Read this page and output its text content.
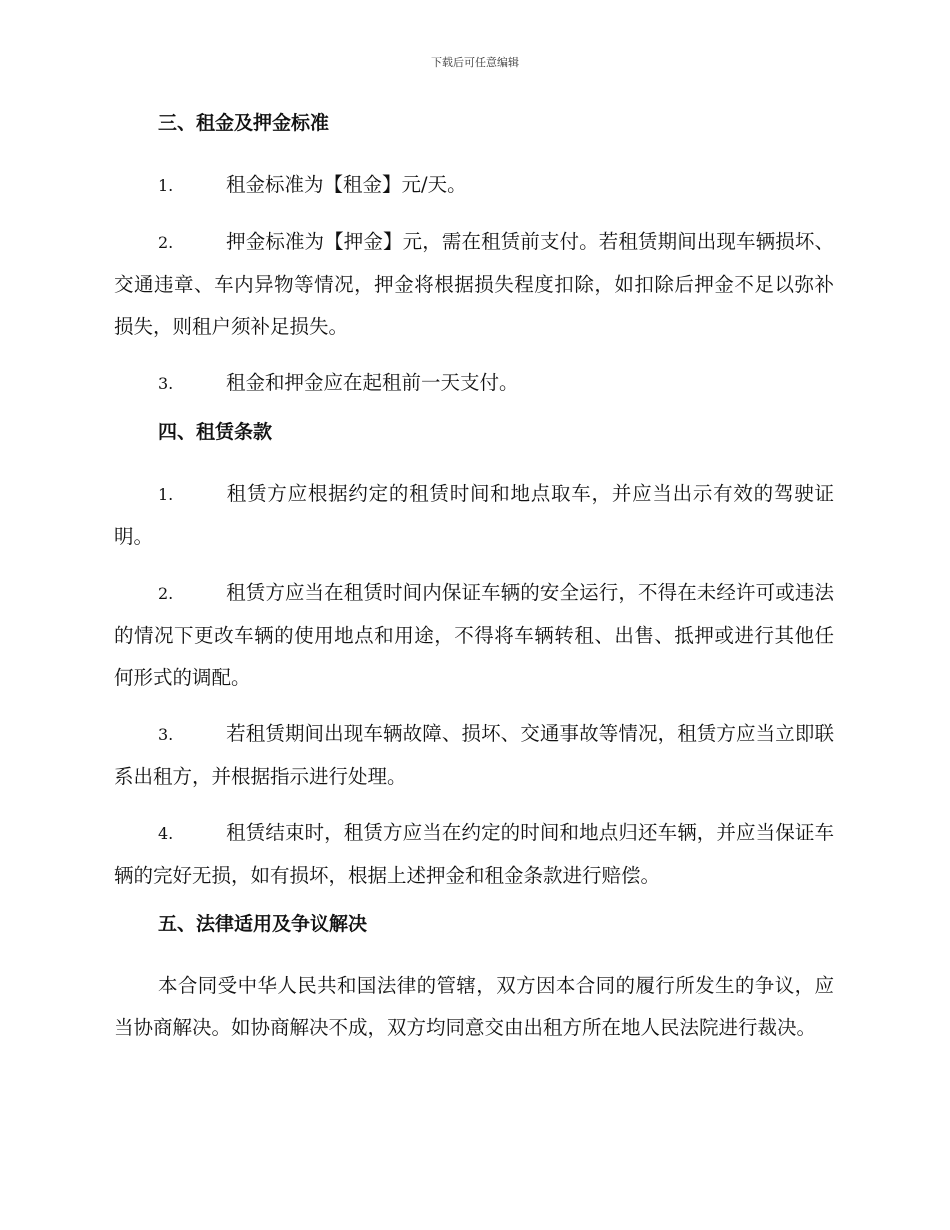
下载后可任意编辑
三、租金及押金标准

1.	租金标准为【租金】元/天。

2.	押金标准为【押金】元，需在租赁前支付。若租赁期间出现车辆损坏、交通违章、车内异物等情况，押金将根据损失程度扣除，如扣除后押金不足以弥补损失，则租户须补足损失。

3.	租金和押金应在起租前一天支付。

四、租赁条款

1.	租赁方应根据约定的租赁时间和地点取车，并应当出示有效的驾驶证明。

2.	租赁方应当在租赁时间内保证车辆的安全运行，不得在未经许可或违法的情况下更改车辆的使用地点和用途，不得将车辆转租、出售、抵押或进行其他任何形式的调配。

3.	若租赁期间出现车辆故障、损坏、交通事故等情况，租赁方应当立即联系出租方，并根据指示进行处理。

4.	租赁结束时，租赁方应当在约定的时间和地点归还车辆，并应当保证车辆的完好无损，如有损坏，根据上述押金和租金条款进行赔偿。

五、法律适用及争议解决

本合同受中华人民共和国法律的管辖，双方因本合同的履行所发生的争议，应当协商解决。如协商解决不成，双方均同意交由出租方所在地人民法院进行裁决。
